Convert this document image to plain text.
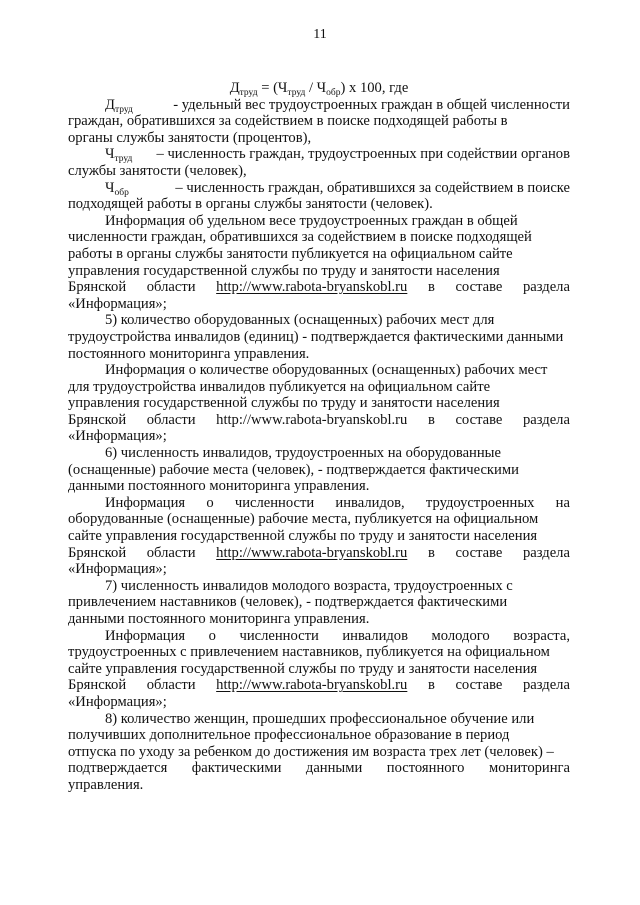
11
$Д_{труд} = (Ч_{труд} / Ч_{обр})$ х 100, где
$Д_{труд}$	- удельный вес трудоустроенных граждан в общей численности
граждан, обратившихся за содействием в поиске подходящей работы в
органы службы занятости (процентов),
$Ч_{труд}$ – численность граждан, трудоустроенных при содействии органов
службы занятости (человек),
$Ч_{обр}$	– численность граждан, обратившихся за содействием в поиске
подходящей работы в органы службы занятости (человек).
Информация об удельном весе трудоустроенных граждан в общей
численности граждан, обратившихся за содействием в поиске подходящей
работы в органы службы занятости публикуется на официальном сайте
управления государственной службы по труду и занятости населения
Брянской области http://www.rabota-bryanskobl.ru в составе раздела
«Информация»;
5) количество оборудованных (оснащенных) рабочих мест для
трудоустройства инвалидов (единиц) - подтверждается фактическими данными
постоянного мониторинга управления.
Информация о количестве оборудованных (оснащенных) рабочих мест
для трудоустройства инвалидов публикуется на официальном сайте
управления государственной службы по труду и занятости населения
Брянской области http://www.rabota-bryanskobl.ru в составе раздела
«Информация»;
6) численность инвалидов, трудоустроенных на оборудованные
(оснащенные) рабочие места (человек), - подтверждается фактическими
данными постоянного мониторинга управления.
Информация о численности инвалидов, трудоустроенных на
оборудованные (оснащенные) рабочие места, публикуется на официальном
сайте управления государственной службы по труду и занятости населения
Брянской области http://www.rabota-bryanskobl.ru в составе раздела
«Информация»;
7) численность инвалидов молодого возраста, трудоустроенных с
привлечением наставников (человек), - подтверждается фактическими
данными постоянного мониторинга управления.
Информация о численности инвалидов молодого возраста,
трудоустроенных с привлечением наставников, публикуется на официальном
сайте управления государственной службы по труду и занятости населения
Брянской области http://www.rabota-bryanskobl.ru в составе раздела
«Информация»;
8) количество женщин, прошедших профессиональное обучение или
получивших дополнительное профессиональное образование в период
отпуска по уходу за ребенком до достижения им возраста трех лет (человек) –
подтверждается фактическими данными постоянного мониторинга
управления.
